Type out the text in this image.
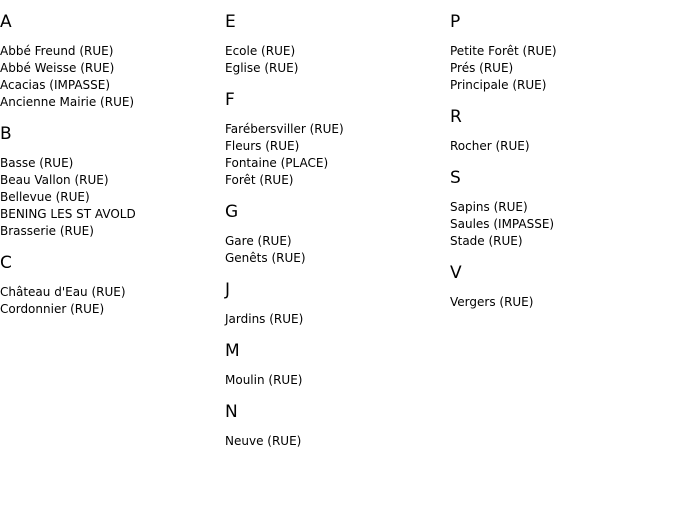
A
Abbé Freund (RUE)
Abbé Weisse (RUE)
Acacias (IMPASSE)
Ancienne Mairie (RUE)
B
Basse (RUE)
Beau Vallon (RUE)
Bellevue (RUE)
BENING LES ST AVOLD
Brasserie (RUE)
C
Château d'Eau (RUE)
Cordonnier (RUE)
E
Ecole (RUE)
Eglise (RUE)
F
Farébersviller (RUE)
Fleurs (RUE)
Fontaine (PLACE)
Forêt (RUE)
G
Gare (RUE)
Genêts (RUE)
J
Jardins (RUE)
M
Moulin (RUE)
N
Neuve (RUE)
P
Petite Forêt (RUE)
Prés (RUE)
Principale (RUE)
R
Rocher (RUE)
S
Sapins (RUE)
Saules (IMPASSE)
Stade (RUE)
V
Vergers (RUE)
